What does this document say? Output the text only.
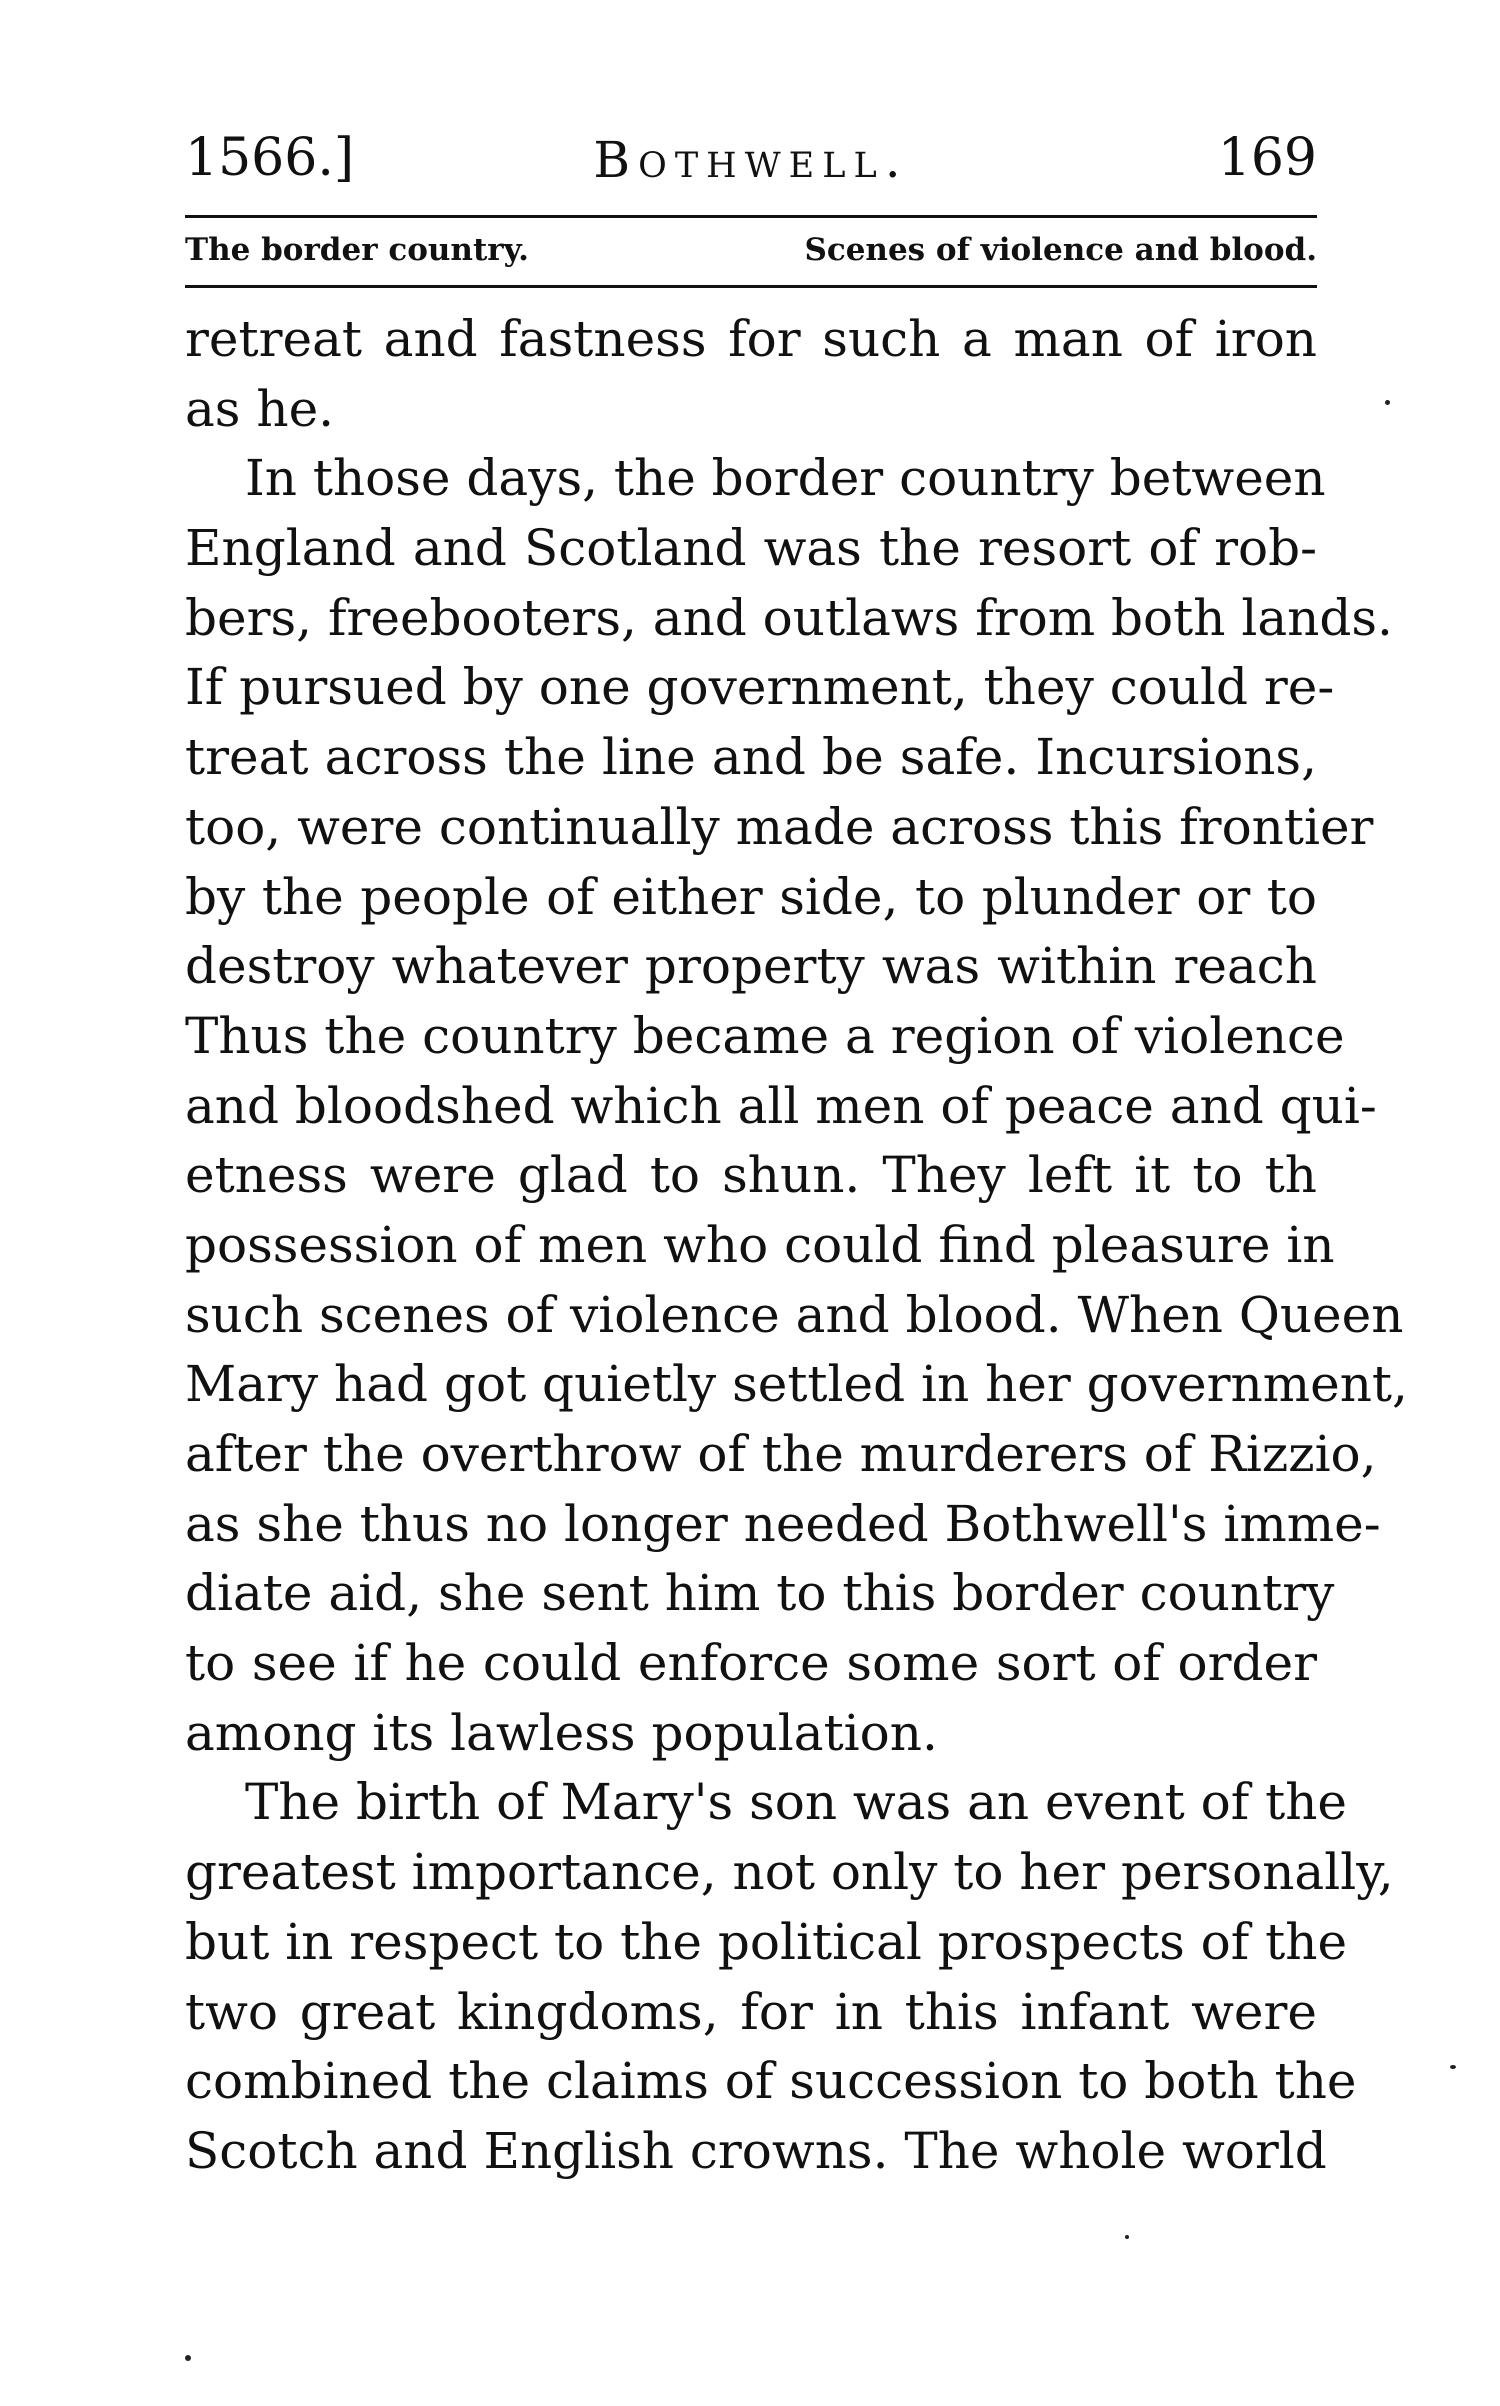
1566.]	Bothwell.	169
The border country.	Scenes of violence and blood.
retreat and fastness for such a man of iron
as he.
In those days, the border country between
England and Scotland was the resort of rob-
bers, freebooters, and outlaws from both lands.
If pursued by one government, they could re-
treat across the line and be safe. Incursions,
too, were continually made across this frontier
by the people of either side, to plunder or to
destroy whatever property was within reach
Thus the country became a region of violence
and bloodshed which all men of peace and qui-
etness were glad to shun. They left it to th
possession of men who could find pleasure in
such scenes of violence and blood. When Queen
Mary had got quietly settled in her government,
after the overthrow of the murderers of Rizzio,
as she thus no longer needed Bothwell's imme-
diate aid, she sent him to this border country
to see if he could enforce some sort of order
among its lawless population.
The birth of Mary's son was an event of the
greatest importance, not only to her personally,
but in respect to the political prospects of the
two great kingdoms, for in this infant were
combined the claims of succession to both the
Scotch and English crowns. The whole world
